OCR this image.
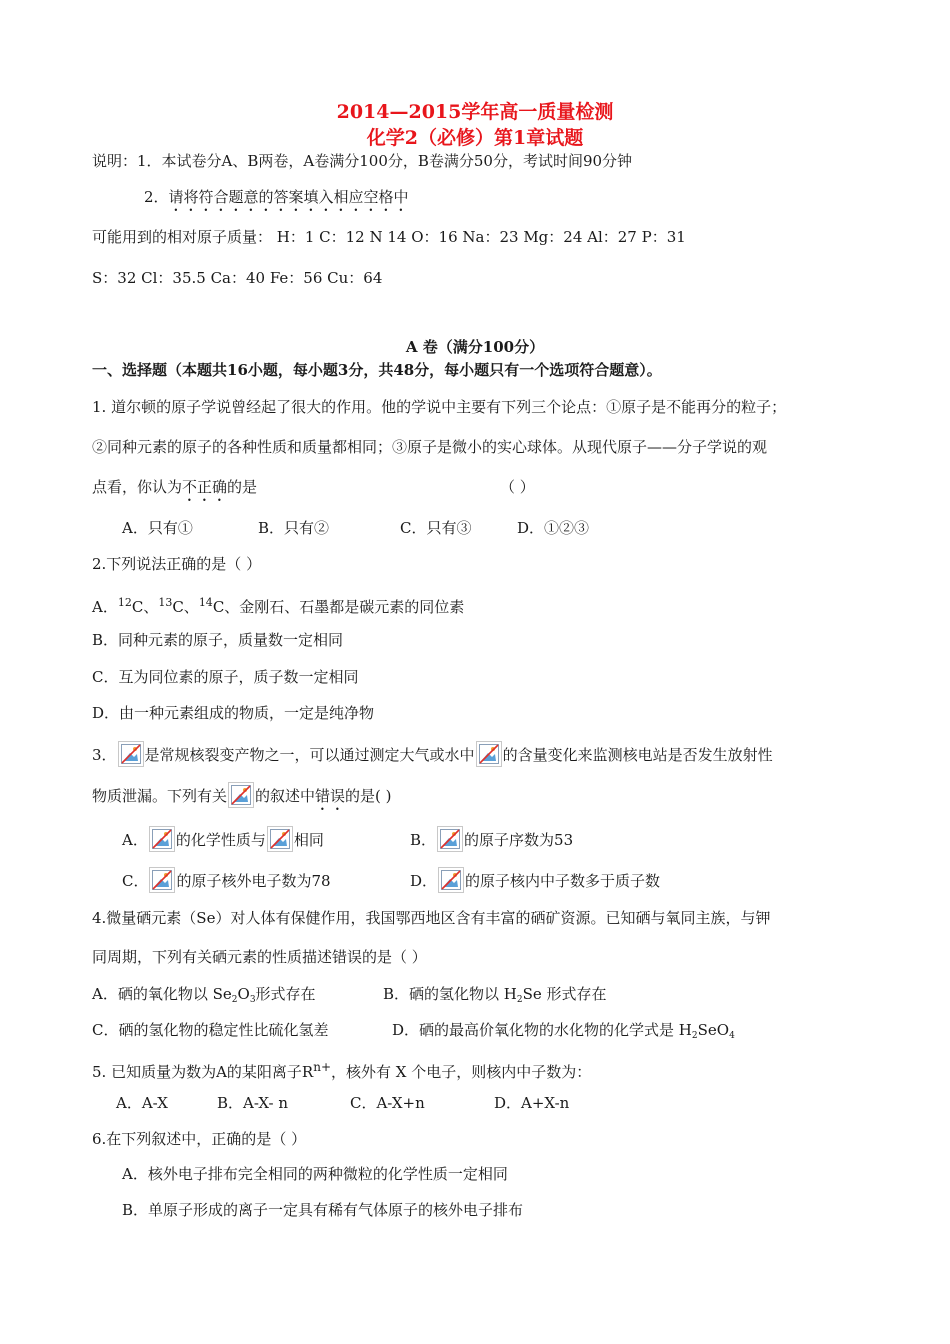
2014—2015学年高一质量检测
化学2（必修）第1章试题
说明：1．本试卷分A、B两卷，A卷满分100分，B卷满分50分，考试时间90分钟
2．请将符合题意的答案填入相应空格中
可能用到的相对原子质量： H：1 C：12 N 14 O：16 Na：23 Mg：24 Al：27 P：31
S：32 Cl：35.5 Ca：40 Fe：56 Cu：64
A 卷（满分100分）
一、选择题（本题共16小题，每小题3分，共48分，每小题只有一个选项符合题意）。
1. 道尔顿的原子学说曾经起了很大的作用。他的学说中主要有下列三个论点：①原子是不能再分的粒子；
②同种元素的原子的各种性质和质量都相同；③原子是微小的实心球体。从现代原子——分子学说的观
点看，你认为不正确的是	（ ）
A．只有①	B．只有②	C．只有③	D．①②③
2.下列说法正确的是（ ）
A．$^{12}$C、$^{13}$C、$^{14}$C、金刚石、石墨都是碳元素的同位素
B．同种元素的原子，质量数一定相同
C．互为同位素的原子，质子数一定相同
D．由一种元素组成的物质，一定是纯净物
3． 是常规核裂变产物之一，可以通过测定大气或水中 的含量变化来监测核电站是否发生放射性
物质泄漏。下列有关 的叙述中错误的是( )
A． 的化学性质与 相同	B． 的原子序数为53
C． 的原子核外电子数为78	D． 的原子核内中子数多于质子数
4.微量硒元素（Se）对人体有保健作用，我国鄂西地区含有丰富的硒矿资源。已知硒与氧同主族，与钾
同周期，下列有关硒元素的性质描述错误的是（ ）
A．硒的氧化物以 $Se_2O_3$形式存在	B．硒的氢化物以 $H_2Se$ 形式存在
C．硒的氢化物的稳定性比硫化氢差	D．硒的最高价氧化物的水化物的化学式是 $H_2SeO_4$
5. 已知质量为数为A的某阳离子$R^{n+}$，核外有 X 个电子，则核内中子数为：
A．A-X	B．A-X- n	C．A-X+n	D．A+X-n
6.在下列叙述中，正确的是（ ）
A．核外电子排布完全相同的两种微粒的化学性质一定相同
B．单原子形成的离子一定具有稀有气体原子的核外电子排布
